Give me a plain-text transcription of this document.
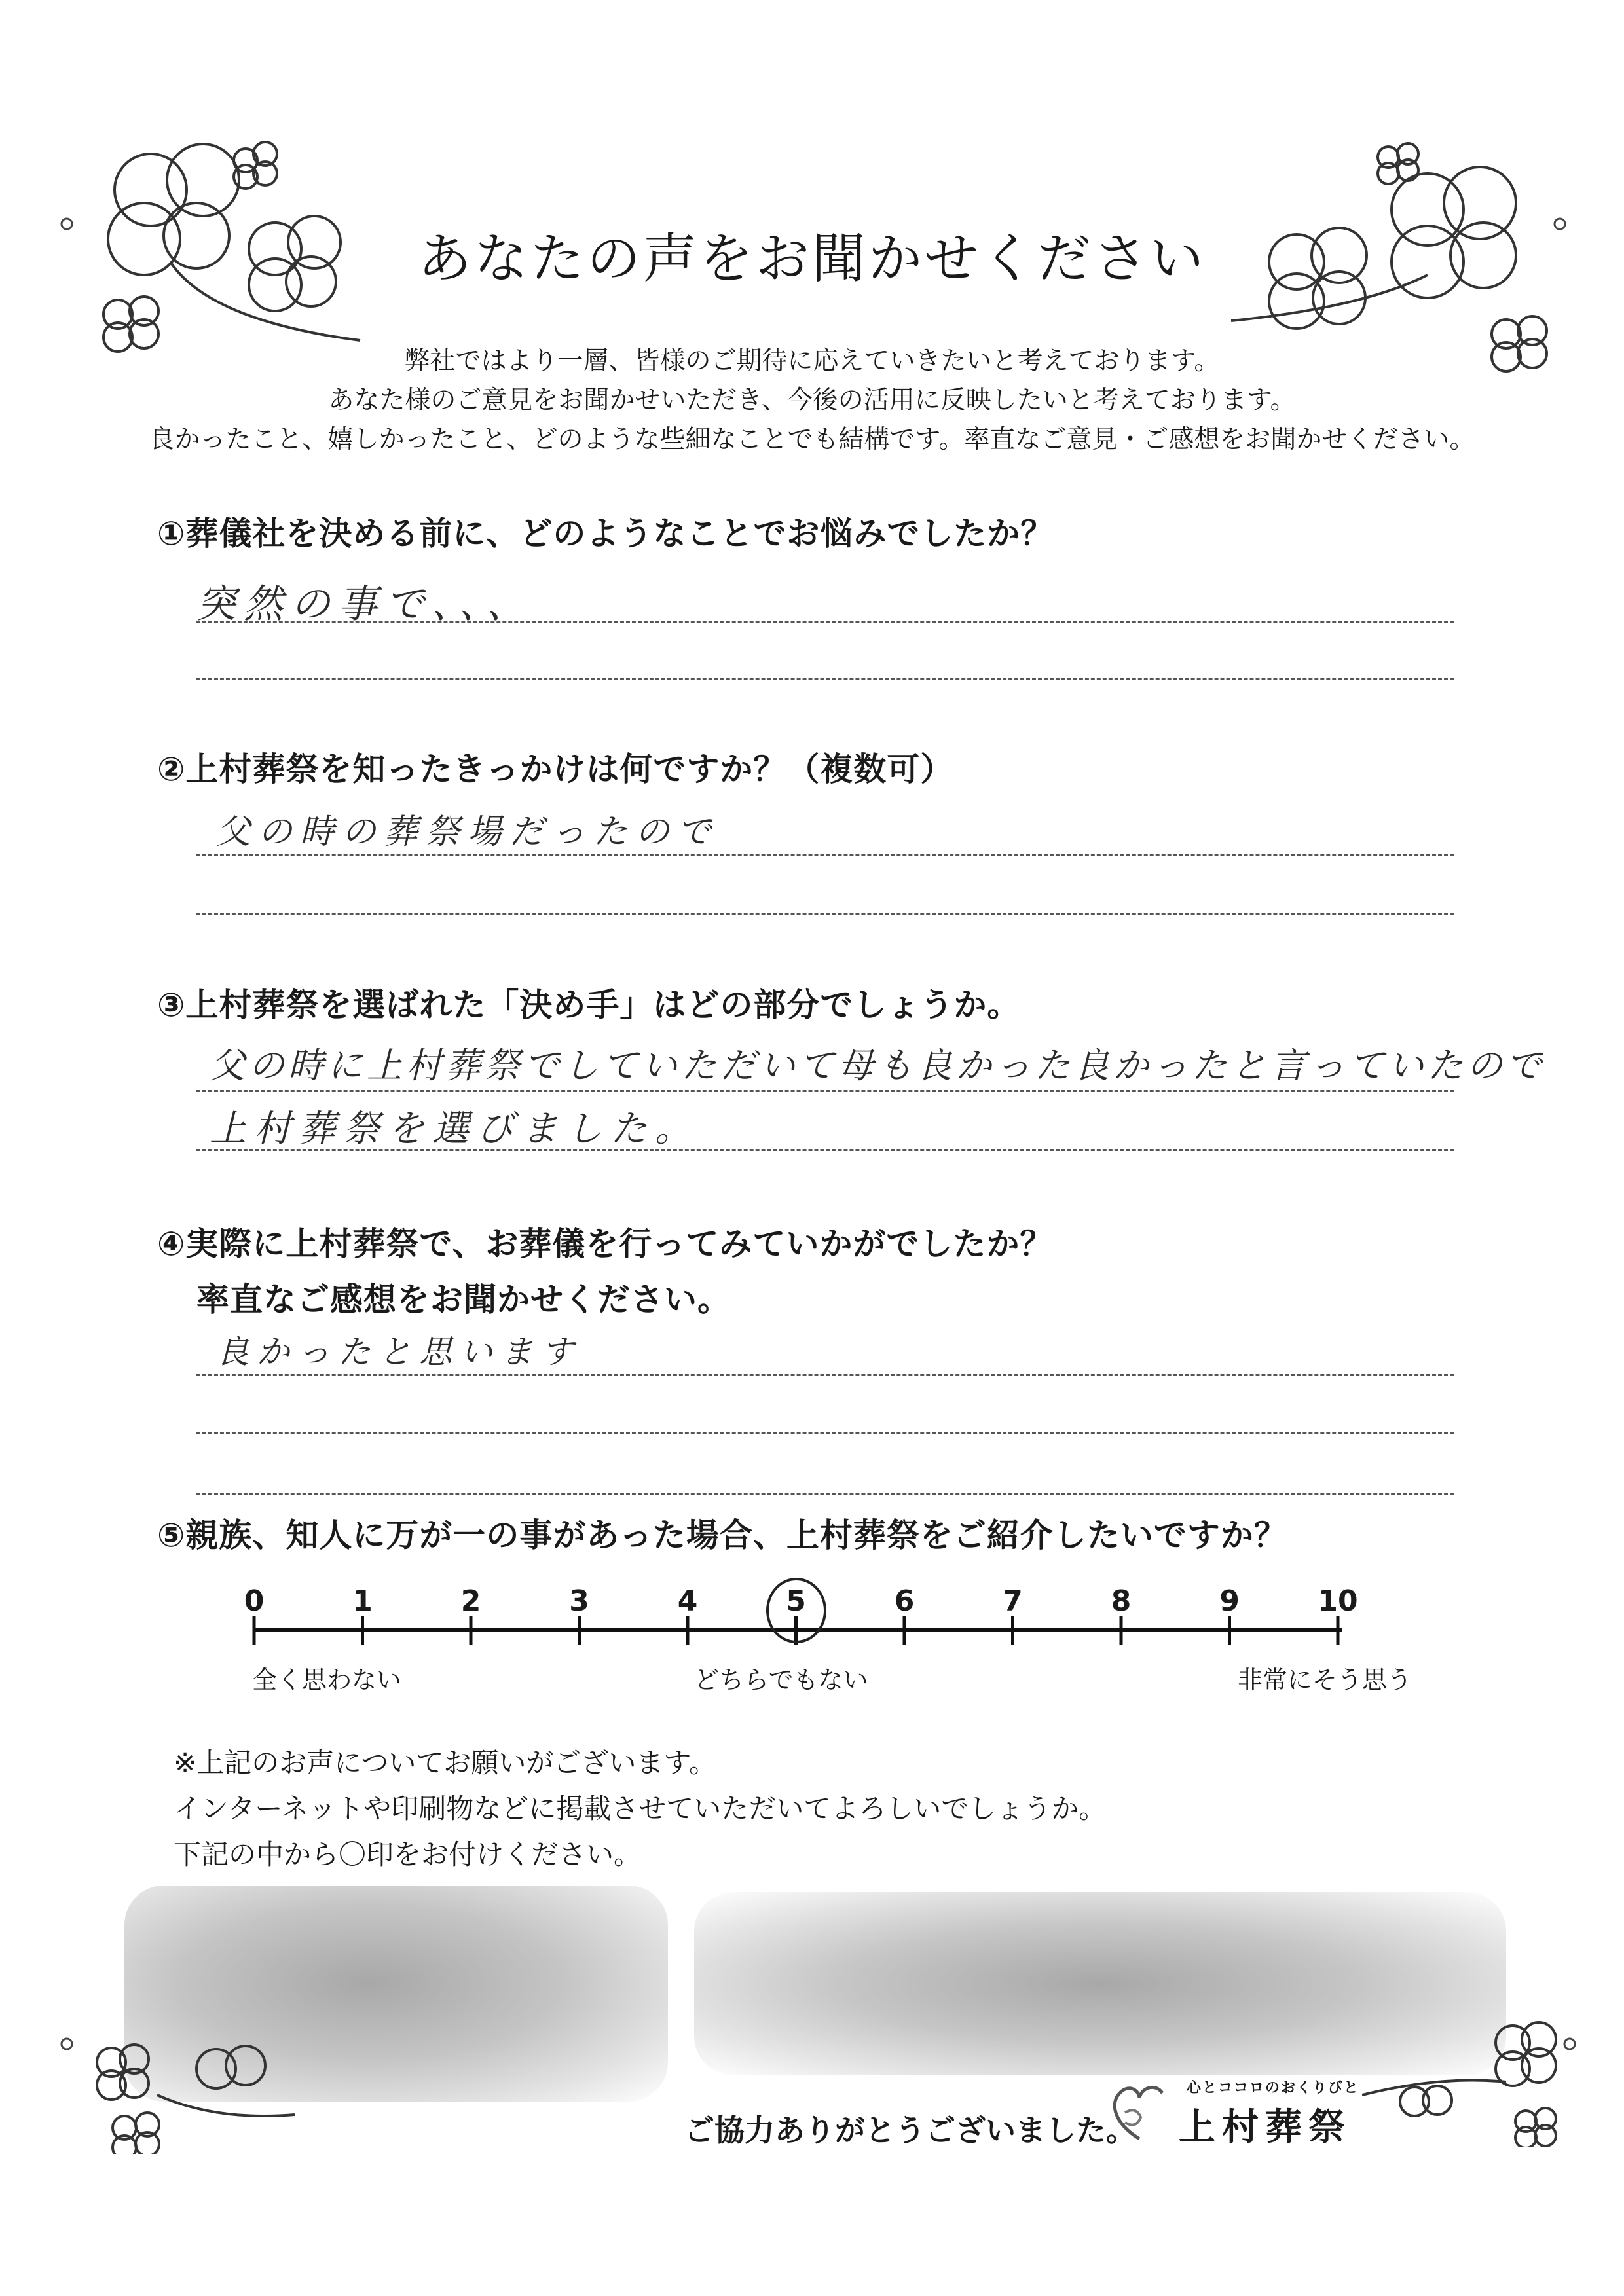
あなたの声をお聞かせください
弊社ではより一層、皆様のご期待に応えていきたいと考えております。
あなた様のご意見をお聞かせいただき、今後の活用に反映したいと考えております。
良かったこと、嬉しかったこと、どのような些細なことでも結構です。率直なご意見・ご感想をお聞かせください。
①葬儀社を決める前に、どのようなことでお悩みでしたか？
突然の事で、、、
②上村葬祭を知ったきっかけは何ですか？（複数可）
父の時の葬祭場だったので
③上村葬祭を選ばれた「決め手」はどの部分でしょうか。
父の時に上村葬祭でしていただいて母も良かった良かったと言っていたので
上村葬祭を選びました。
④実際に上村葬祭で、お葬儀を行ってみていかがでしたか？
率直なご感想をお聞かせください。
良かったと思います
⑤親族、知人に万が一の事があった場合、上村葬祭をご紹介したいですか？
0	1	2	3	4	5	6	7	8	9	10
全く思わない	どちらでもない	非常にそう思う
※上記のお声についてお願いがございます。
インターネットや印刷物などに掲載させていただいてよろしいでしょうか。
下記の中から〇印をお付けください。
ご協力ありがとうございました。
心とココロのおくりびと
上村葬祭
